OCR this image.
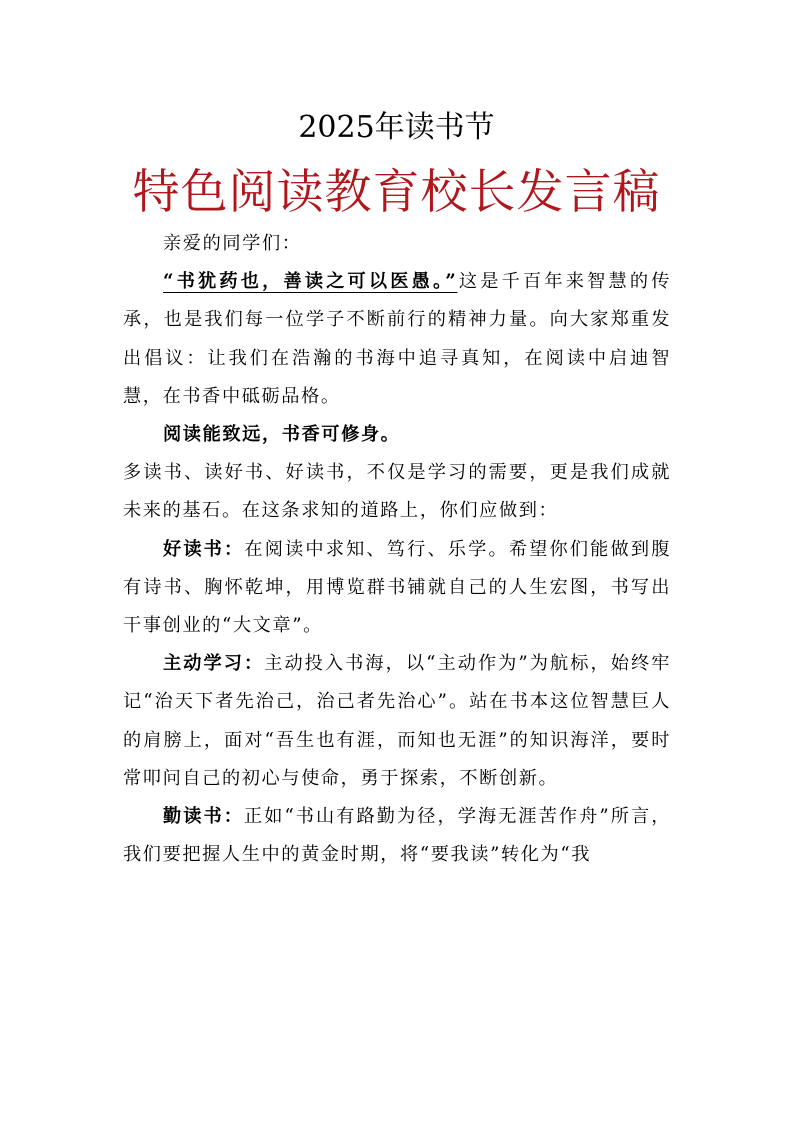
2025年读书节
特色阅读教育校长发言稿

亲爱的同学们：

“书犹药也，善读之可以医愚。”这是千百年来智慧的传承，也是我们每一位学子不断前行的精神力量。向大家郑重发出倡议：让我们在浩瀚的书海中追寻真知，在阅读中启迪智慧，在书香中砥砺品格。

阅读能致远，书香可修身。

多读书、读好书、好读书，不仅是学习的需要，更是我们成就未来的基石。在这条求知的道路上，你们应做到：

好读书：在阅读中求知、笃行、乐学。希望你们能做到腹有诗书、胸怀乾坤，用博览群书铺就自己的人生宏图，书写出干事创业的“大文章”。

主动学习：主动投入书海，以“主动作为”为航标，始终牢记“治天下者先治己，治己者先治心”。站在书本这位智慧巨人的肩膀上，面对“吾生也有涯，而知也无涯”的知识海洋，要时常叩问自己的初心与使命，勇于探索，不断创新。

勤读书：正如“书山有路勤为径，学海无涯苦作舟”所言，我们要把握人生中的黄金时期，将“要我读”转化为“我
